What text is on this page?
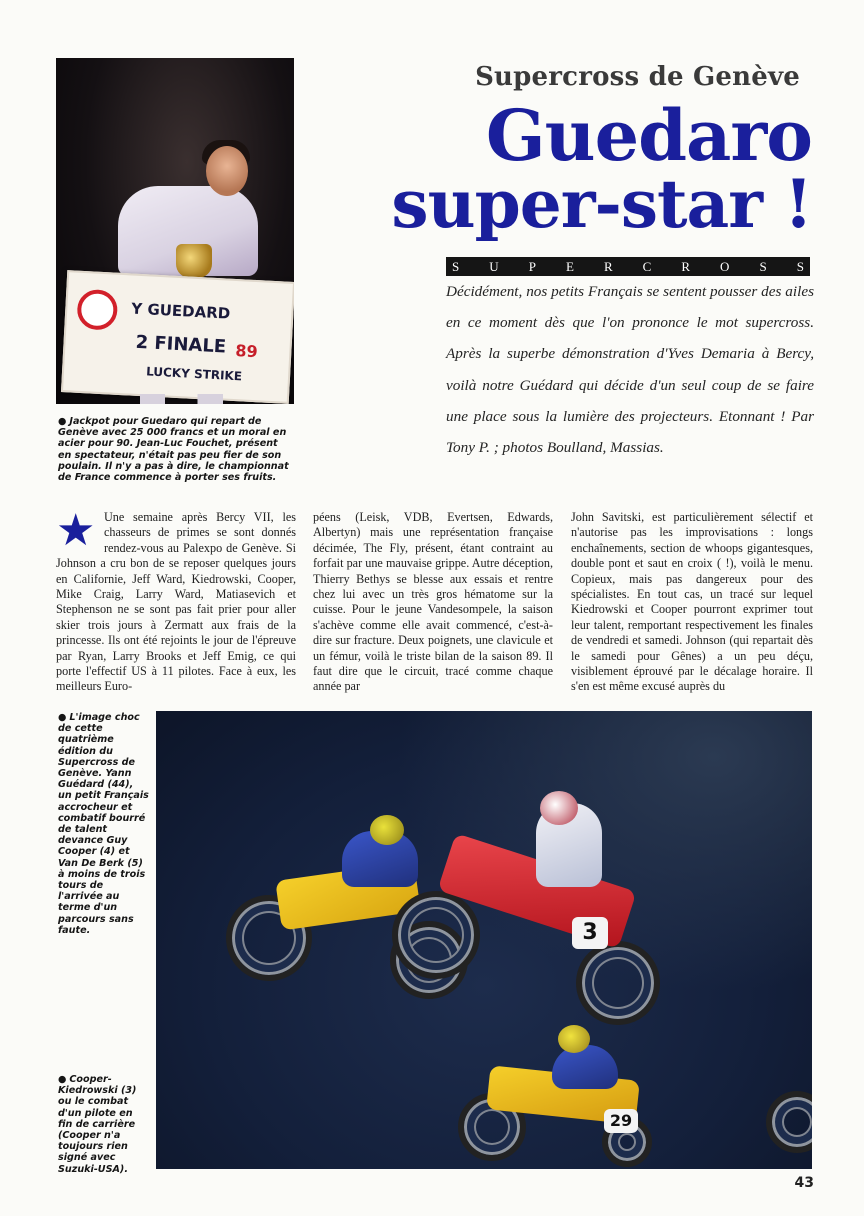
Y GUEDARD
2 FINALE 89
LUCKY STRIKE
● Jackpot pour Guedaro qui repart de Genève avec 25 000 francs et un moral en acier pour 90. Jean-Luc Fouchet, présent en spectateur, n'était pas peu fier de son poulain. Il n'y a pas à dire, le championnat de France commence à porter ses fruits.
Supercross de Genève
Guedaro
super-star !
S U P E R C R O S S
Décidément, nos petits Français se sentent pousser des ailes en ce moment dès que l'on prononce le mot supercross. Après la superbe démonstration d'Yves Demaria à Bercy, voilà notre Guédard qui décide d'un seul coup de se faire une place sous la lumière des projecteurs. Etonnant ! Par Tony P. ; photos Boulland, Massias.
★ Une semaine après Bercy VII, les chasseurs de primes se sont donnés rendez-vous au Palexpo de Genève. Si Johnson a cru bon de se reposer quelques jours en Californie, Jeff Ward, Kiedrowski, Cooper, Mike Craig, Larry Ward, Matiasevich et Stephenson ne se sont pas fait prier pour aller skier trois jours à Zermatt aux frais de la princesse. Ils ont été rejoints le jour de l'épreuve par Ryan, Larry Brooks et Jeff Emig, ce qui porte l'effectif US à 11 pilotes. Face à eux, les meilleurs Euro-
péens (Leisk, VDB, Evertsen, Edwards, Albertyn) mais une représentation française décimée, The Fly, présent, étant contraint au forfait par une mauvaise grippe. Autre déception, Thierry Bethys se blesse aux essais et rentre chez lui avec un très gros hématome sur la cuisse. Pour le jeune Vandesompele, la saison s'achève comme elle avait commencé, c'est-à-dire sur fracture. Deux poignets, une clavicule et un fémur, voilà le triste bilan de la saison 89. Il faut dire que le circuit, tracé comme chaque année par
John Savitski, est particulièrement sélectif et n'autorise pas les improvisations : longs enchaînements, section de whoops gigantesques, double pont et saut en croix ( !), voilà le menu. Copieux, mais pas dangereux pour des spécialistes. En tout cas, un tracé sur lequel Kiedrowski et Cooper pourront exprimer tout leur talent, remportant respectivement les finales de vendredi et samedi. Johnson (qui repartait dès le samedi pour Gênes) a un peu déçu, visiblement éprouvé par le décalage horaire. Il s'en est même excusé auprès du
● L'image choc de cette quatrième édition du Supercross de Genève. Yann Guédard (44), un petit Français accrocheur et combatif bourré de talent devance Guy Cooper (4) et Van De Berk (5) à moins de trois tours de l'arrivée au terme d'un parcours sans faute.
● Cooper-Kiedrowski (3) ou le combat d'un pilote en fin de carrière (Cooper n'a toujours rien signé avec Suzuki-USA).
3
29
43
